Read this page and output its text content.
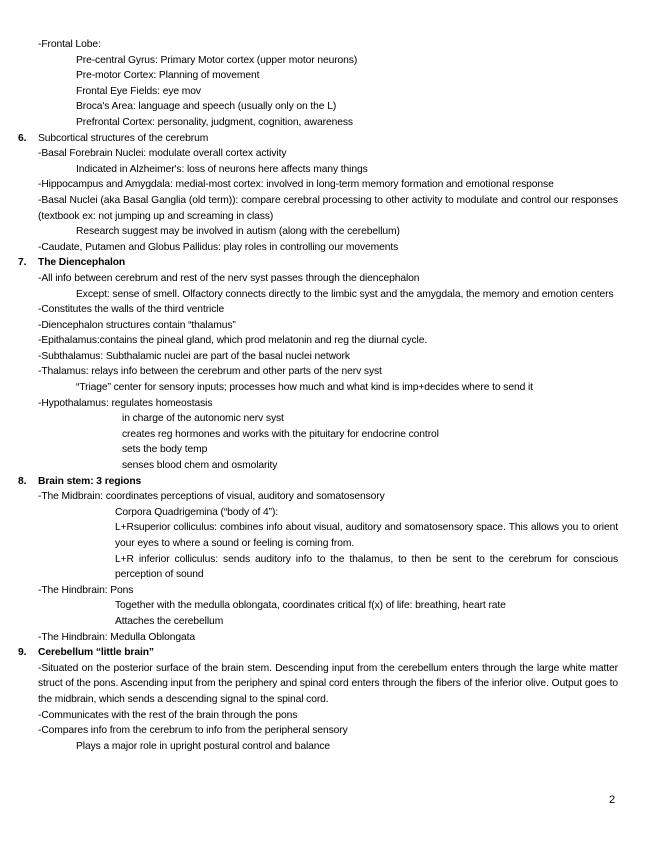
-Frontal Lobe:
Pre-central Gyrus: Primary Motor cortex (upper motor neurons)
Pre-motor Cortex: Planning of movement
Frontal Eye Fields: eye mov
Broca's Area: language and speech (usually only on the L)
Prefrontal Cortex: personality, judgment, cognition, awareness
6. Subcortical structures of the cerebrum
-Basal Forebrain Nuclei: modulate overall cortex activity
Indicated in Alzheimer's: loss of neurons here affects many things
-Hippocampus and Amygdala: medial-most cortex: involved in long-term memory formation and emotional response
-Basal Nuclei (aka Basal Ganglia (old term)): compare cerebral processing to other activity to modulate and control our responses (textbook ex: not jumping up and screaming in class)
Research suggest may be involved in autism (along with the cerebellum)
-Caudate, Putamen and Globus Pallidus: play roles in controlling our movements
7. The Diencephalon
-All info between cerebrum and rest of the nerv syst passes through the diencephalon
Except: sense of smell. Olfactory connects directly to the limbic syst and the amygdala, the memory and emotion centers
-Constitutes the walls of the third ventricle
-Diencephalon structures contain “thalamus”
-Epithalamus:contains the pineal gland, which prod melatonin and reg the diurnal cycle.
-Subthalamus: Subthalamic nuclei are part of the basal nuclei network
-Thalamus: relays info between the cerebrum and other parts of the nerv syst
“Triage” center for sensory inputs; processes how much and what kind is imp+decides where to send it
-Hypothalamus: regulates homeostasis
in charge of the autonomic nerv syst
creates reg hormones and works with the pituitary for endocrine control
sets the body temp
senses blood chem and osmolarity
8. Brain stem: 3 regions
-The Midbrain: coordinates perceptions of visual, auditory and somatosensory
Corpora Quadrigemina (“body of 4”):
L+Rsuperior colliculus: combines info about visual, auditory and somatosensory space. This allows you to orient your eyes to where a sound or feeling is coming from.
L+R inferior colliculus: sends auditory info to the thalamus, to then be sent to the cerebrum for conscious perception of sound
-The Hindbrain: Pons
Together with the medulla oblongata, coordinates critical f(x) of life: breathing, heart rate
Attaches the cerebellum
-The Hindbrain: Medulla Oblongata
9. Cerebellum “little brain”
-Situated on the posterior surface of the brain stem. Descending input from the cerebellum enters through the large white matter struct of the pons. Ascending input from the periphery and spinal cord enters through the fibers of the inferior olive. Output goes to the midbrain, which sends a descending signal to the spinal cord.
-Communicates with the rest of the brain through the pons
-Compares info from the cerebrum to info from the peripheral sensory
Plays a major role in upright postural control and balance
2
